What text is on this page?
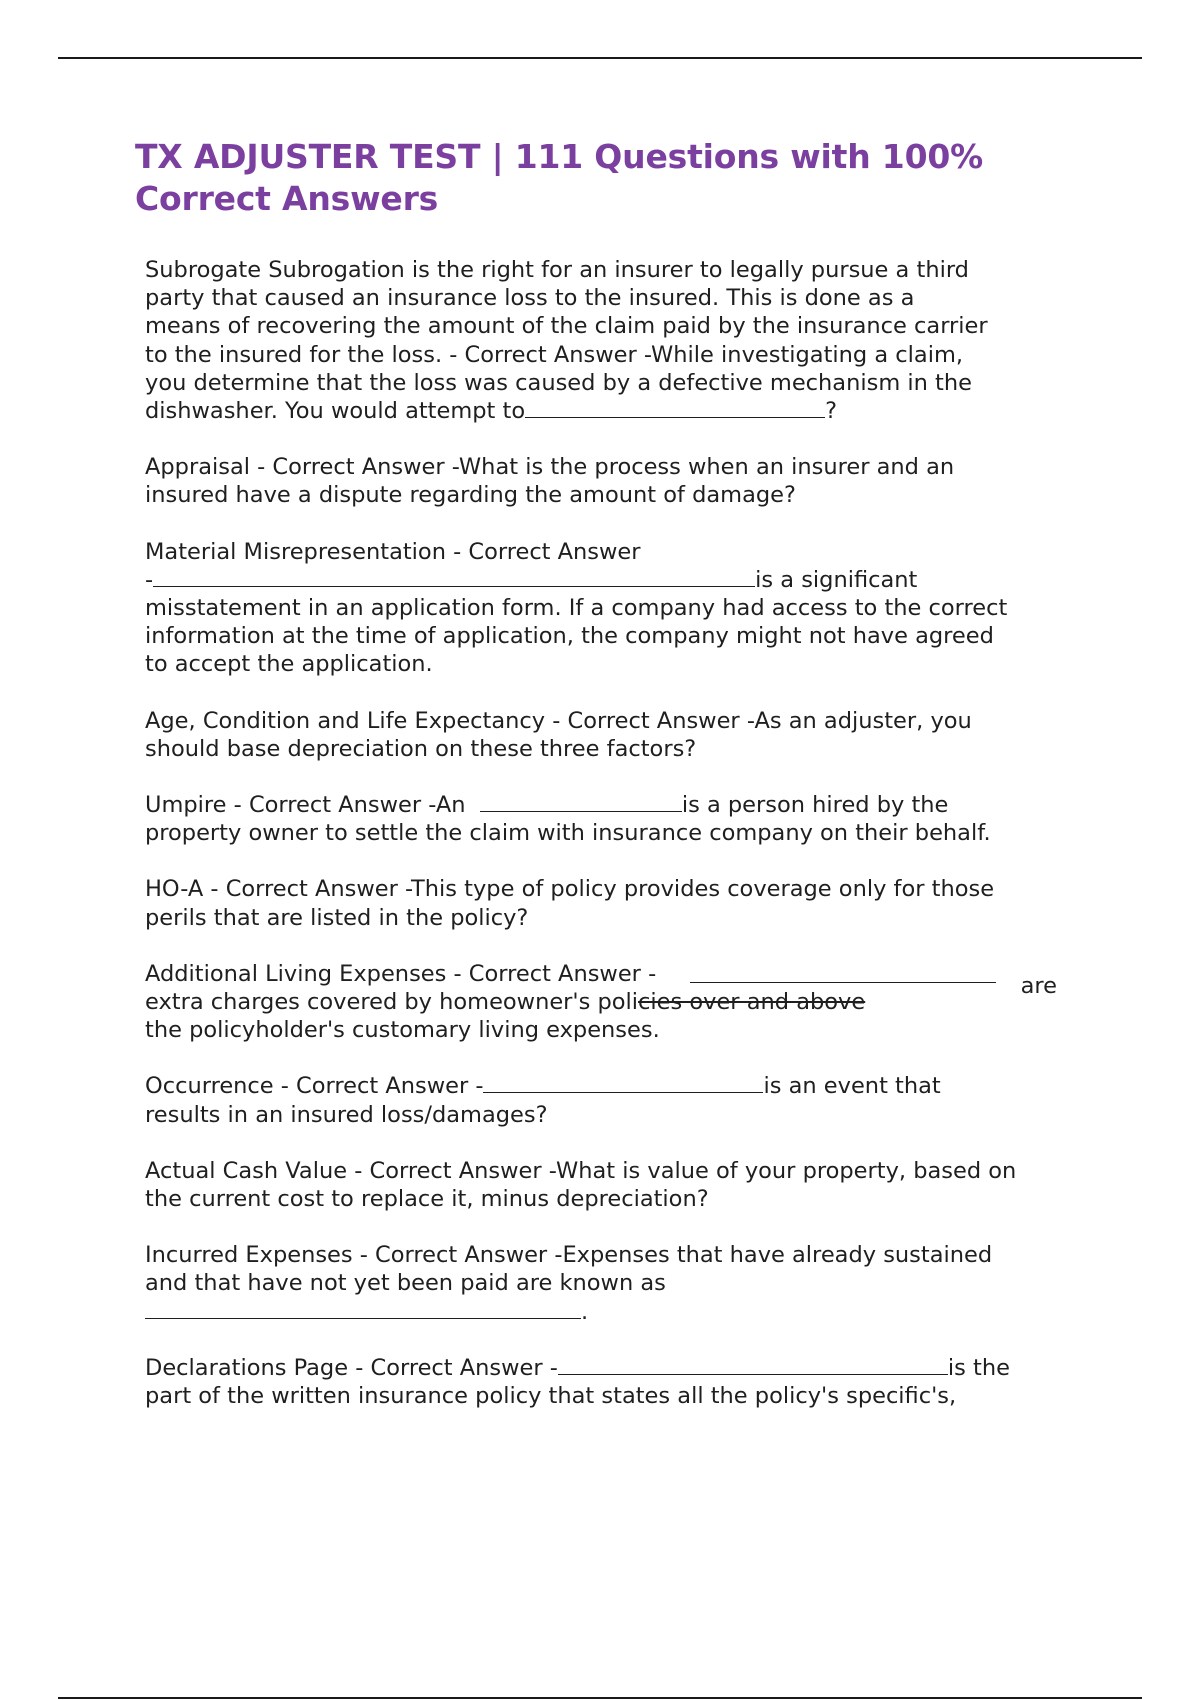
TX ADJUSTER TEST | 111 Questions with 100% Correct Answers
Subrogate Subrogation is the right for an insurer to legally pursue a third
party that caused an insurance loss to the insured. This is done as a
means of recovering the amount of the claim paid by the insurance carrier
to the insured for the loss. - Correct Answer -While investigating a claim,
you determine that the loss was caused by a defective mechanism in the
dishwasher. You would attempt to	?
Appraisal - Correct Answer -What is the process when an insurer and an
insured have a dispute regarding the amount of damage?
Material Misrepresentation - Correct Answer
-	is a significant
misstatement in an application form. If a company had access to the correct
information at the time of application, the company might not have agreed
to accept the application.
Age, Condition and Life Expectancy - Correct Answer -As an adjuster, you
should base depreciation on these three factors?
Umpire - Correct Answer -An	is a person hired by the
property owner to settle the claim with insurance company on their behalf.
HO-A - Correct Answer -This type of policy provides coverage only for those
perils that are listed in the policy?
Additional Living Expenses - Correct Answer -	are
extra charges covered by homeowner's policies over and above
the policyholder's customary living expenses.
Occurrence - Correct Answer -	is an event that
results in an insured loss/damages?
Actual Cash Value - Correct Answer -What is value of your property, based on
the current cost to replace it, minus depreciation?
Incurred Expenses - Correct Answer -Expenses that have already sustained
and that have not yet been paid are known as
.
Declarations Page - Correct Answer -	is the
part of the written insurance policy that states all the policy's specific's,
